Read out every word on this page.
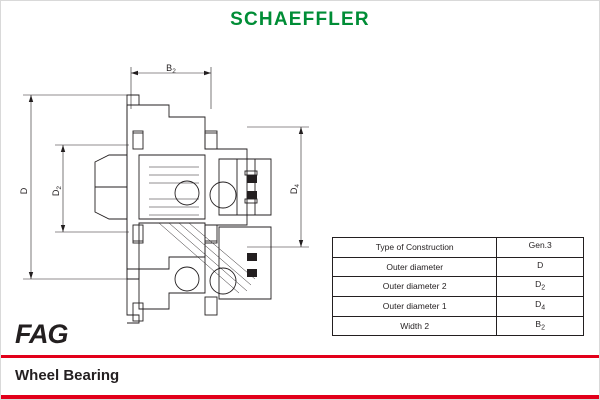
SCHAEFFLER
$B_2$
D $D_2$	$D_4$
Type of Construction	Gen.3
Outer diameter	D
Outer diameter 2	$D_2$
Outer diameter 1	$D_4$
Width 2	$B_2$
FAG
Wheel Bearing
